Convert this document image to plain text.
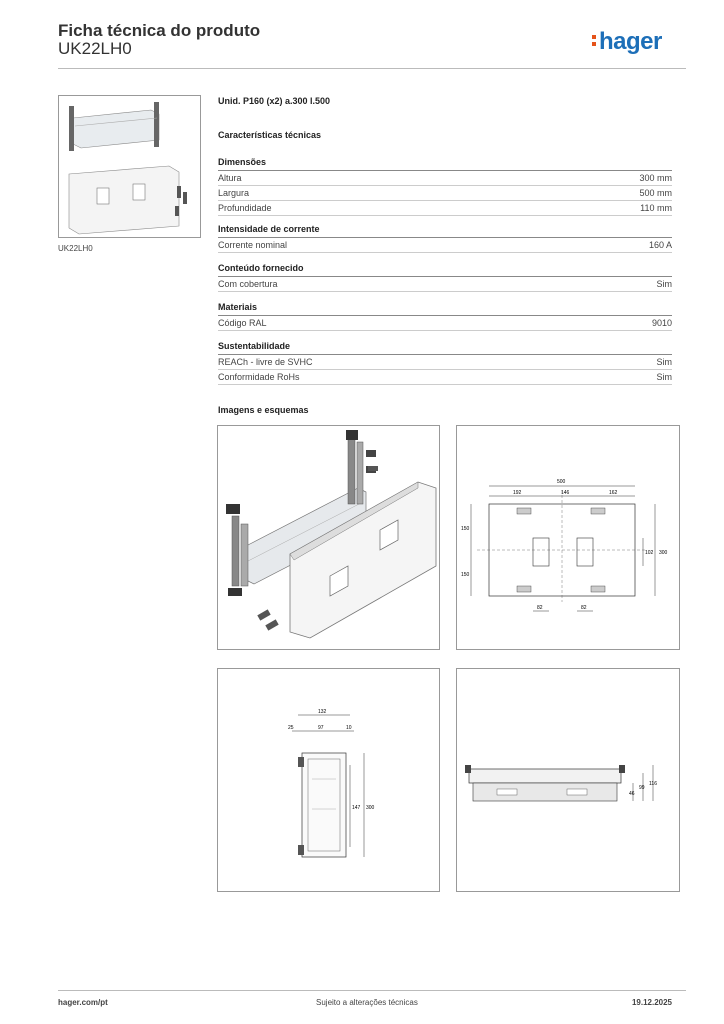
Ficha técnica do produto
UK22LH0	hager
UK22LH0
Unid. P160 (x2) a.300 l.500
Características técnicas
Dimensões
Altura	300 mm
Largura	500 mm
Profundidade	110 mm
Intensidade de corrente
Corrente nominal	160 A
Conteúdo fornecido
Com cobertura	Sim
Materiais
Código RAL	9010
Sustentabilidade
REACh - livre de SVHC	Sim
Conformidade RoHs	Sim
Imagens e esquemas
500
192	146	162
150
150
300
102
82	82
132
25	97	10
147 300
46
99
116
hager.com/pt	Sujeito a alterações técnicas	19.12.2025
